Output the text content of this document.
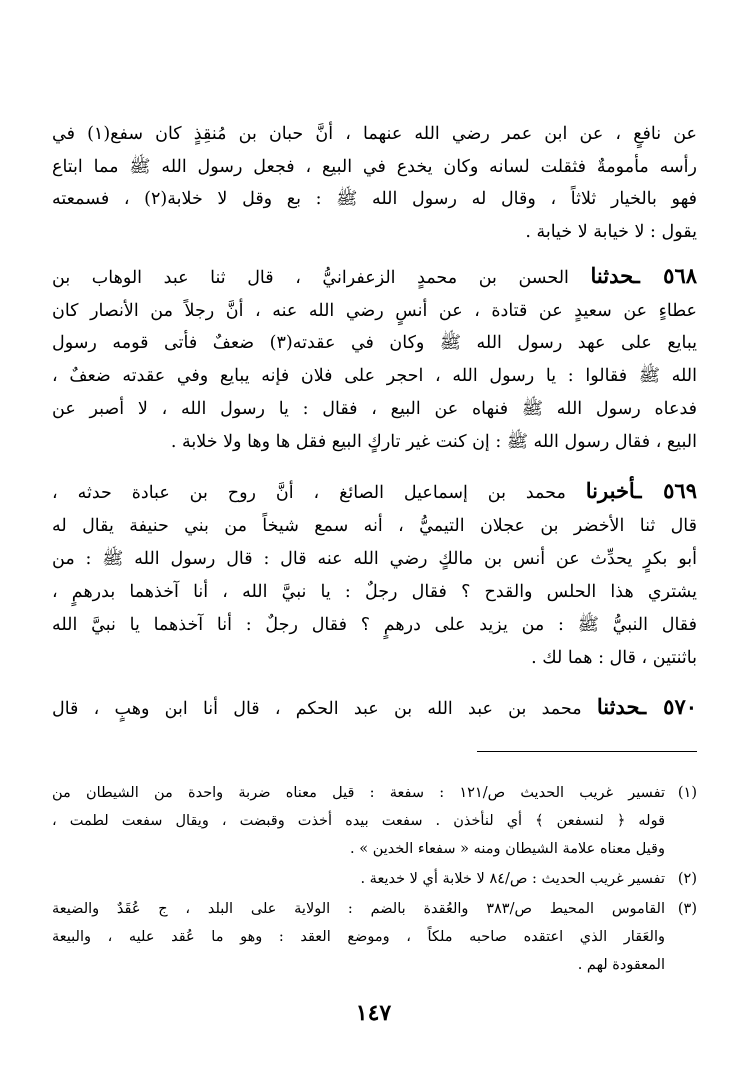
عن نافعٍ ، عن ابن عمر رضي الله عنهما ، أنَّ حبان بن مُنقِذٍ كان سفع(١) في
رأسه مأمومةٌ فثقلت لسانه وكان يخدع في البيع ، فجعل رسول الله ﷺ مما ابتاع
فهو بالخيار ثلاثاً ، وقال له رسول الله ﷺ : بع وقل لا خلابة(٢) ، فسمعته
يقول : لا خيابة لا خيابة .
٥٦٨ ـحدثنا الحسن بن محمدٍ الزعفرانيُّ ، قال ثنا عبد الوهاب بن
عطاءٍ عن سعيدٍ عن قتادة ، عن أنسٍ رضي الله عنه ، أنَّ رجلاً من الأنصار كان
يبايع على عهد رسول الله ﷺ وكان في عقدته(٣) ضعفٌ فأتى قومه رسول
الله ﷺ فقالوا : يا رسول الله ، احجر على فلان فإنه يبايع وفي عقدته ضعفٌ ،
فدعاه رسول الله ﷺ فنهاه عن البيع ، فقال : يا رسول الله ، لا أصبر عن
البيع ، فقال رسول الله ﷺ : إن كنت غير تاركٍ البيع فقل ها وها ولا خلابة .
٥٦٩ ـأخبرنا محمد بن إسماعيل الصائغ ، أنَّ روح بن عبادة حدثه ،
قال ثنا الأخضر بن عجلان التيميُّ ، أنه سمع شيخاً من بني حنيفة يقال له
أبو بكرٍ يحدِّث عن أنس بن مالكٍ رضي الله عنه قال : قال رسول الله ﷺ : من
يشتري هذا الحلس والقدح ؟ فقال رجلٌ : يا نبيَّ الله ، أنا آخذهما بدرهمٍ ،
فقال النبيُّ ﷺ : من يزيد على درهمٍ ؟ فقال رجلٌ : أنا آخذهما يا نبيَّ الله
باثنتين ، قال : هما لك .
٥٧٠ ـحدثنا محمد بن عبد الله بن عبد الحكم ، قال أنا ابن وهبٍ ، قال
(١)
تفسير غريب الحديث ص/١٢١ : سفعة : قيل معناه ضربة واحدة من الشيطان من
قوله ﴿ لنسفعن ﴾ أي لنأخذن . سفعت بيده أخذت وقبضت ، ويقال سفعت لطمت ،
وقيل معناه علامة الشيطان ومنه « سفعاء الخدين » .
(٢)
تفسير غريب الحديث : ص/٨٤ لا خلابة أي لا خديعة .
(٣)
القاموس المحيط ص/٣٨٣ والعُقدة بالضم : الولاية على البلد ، ج عُقَدٌ والضيعة
والعَقار الذي اعتقده صاحبه ملكاً ، وموضع العقد : وهو ما عُقد عليه ، والبيعة
المعقودة لهم .
١٤٧
